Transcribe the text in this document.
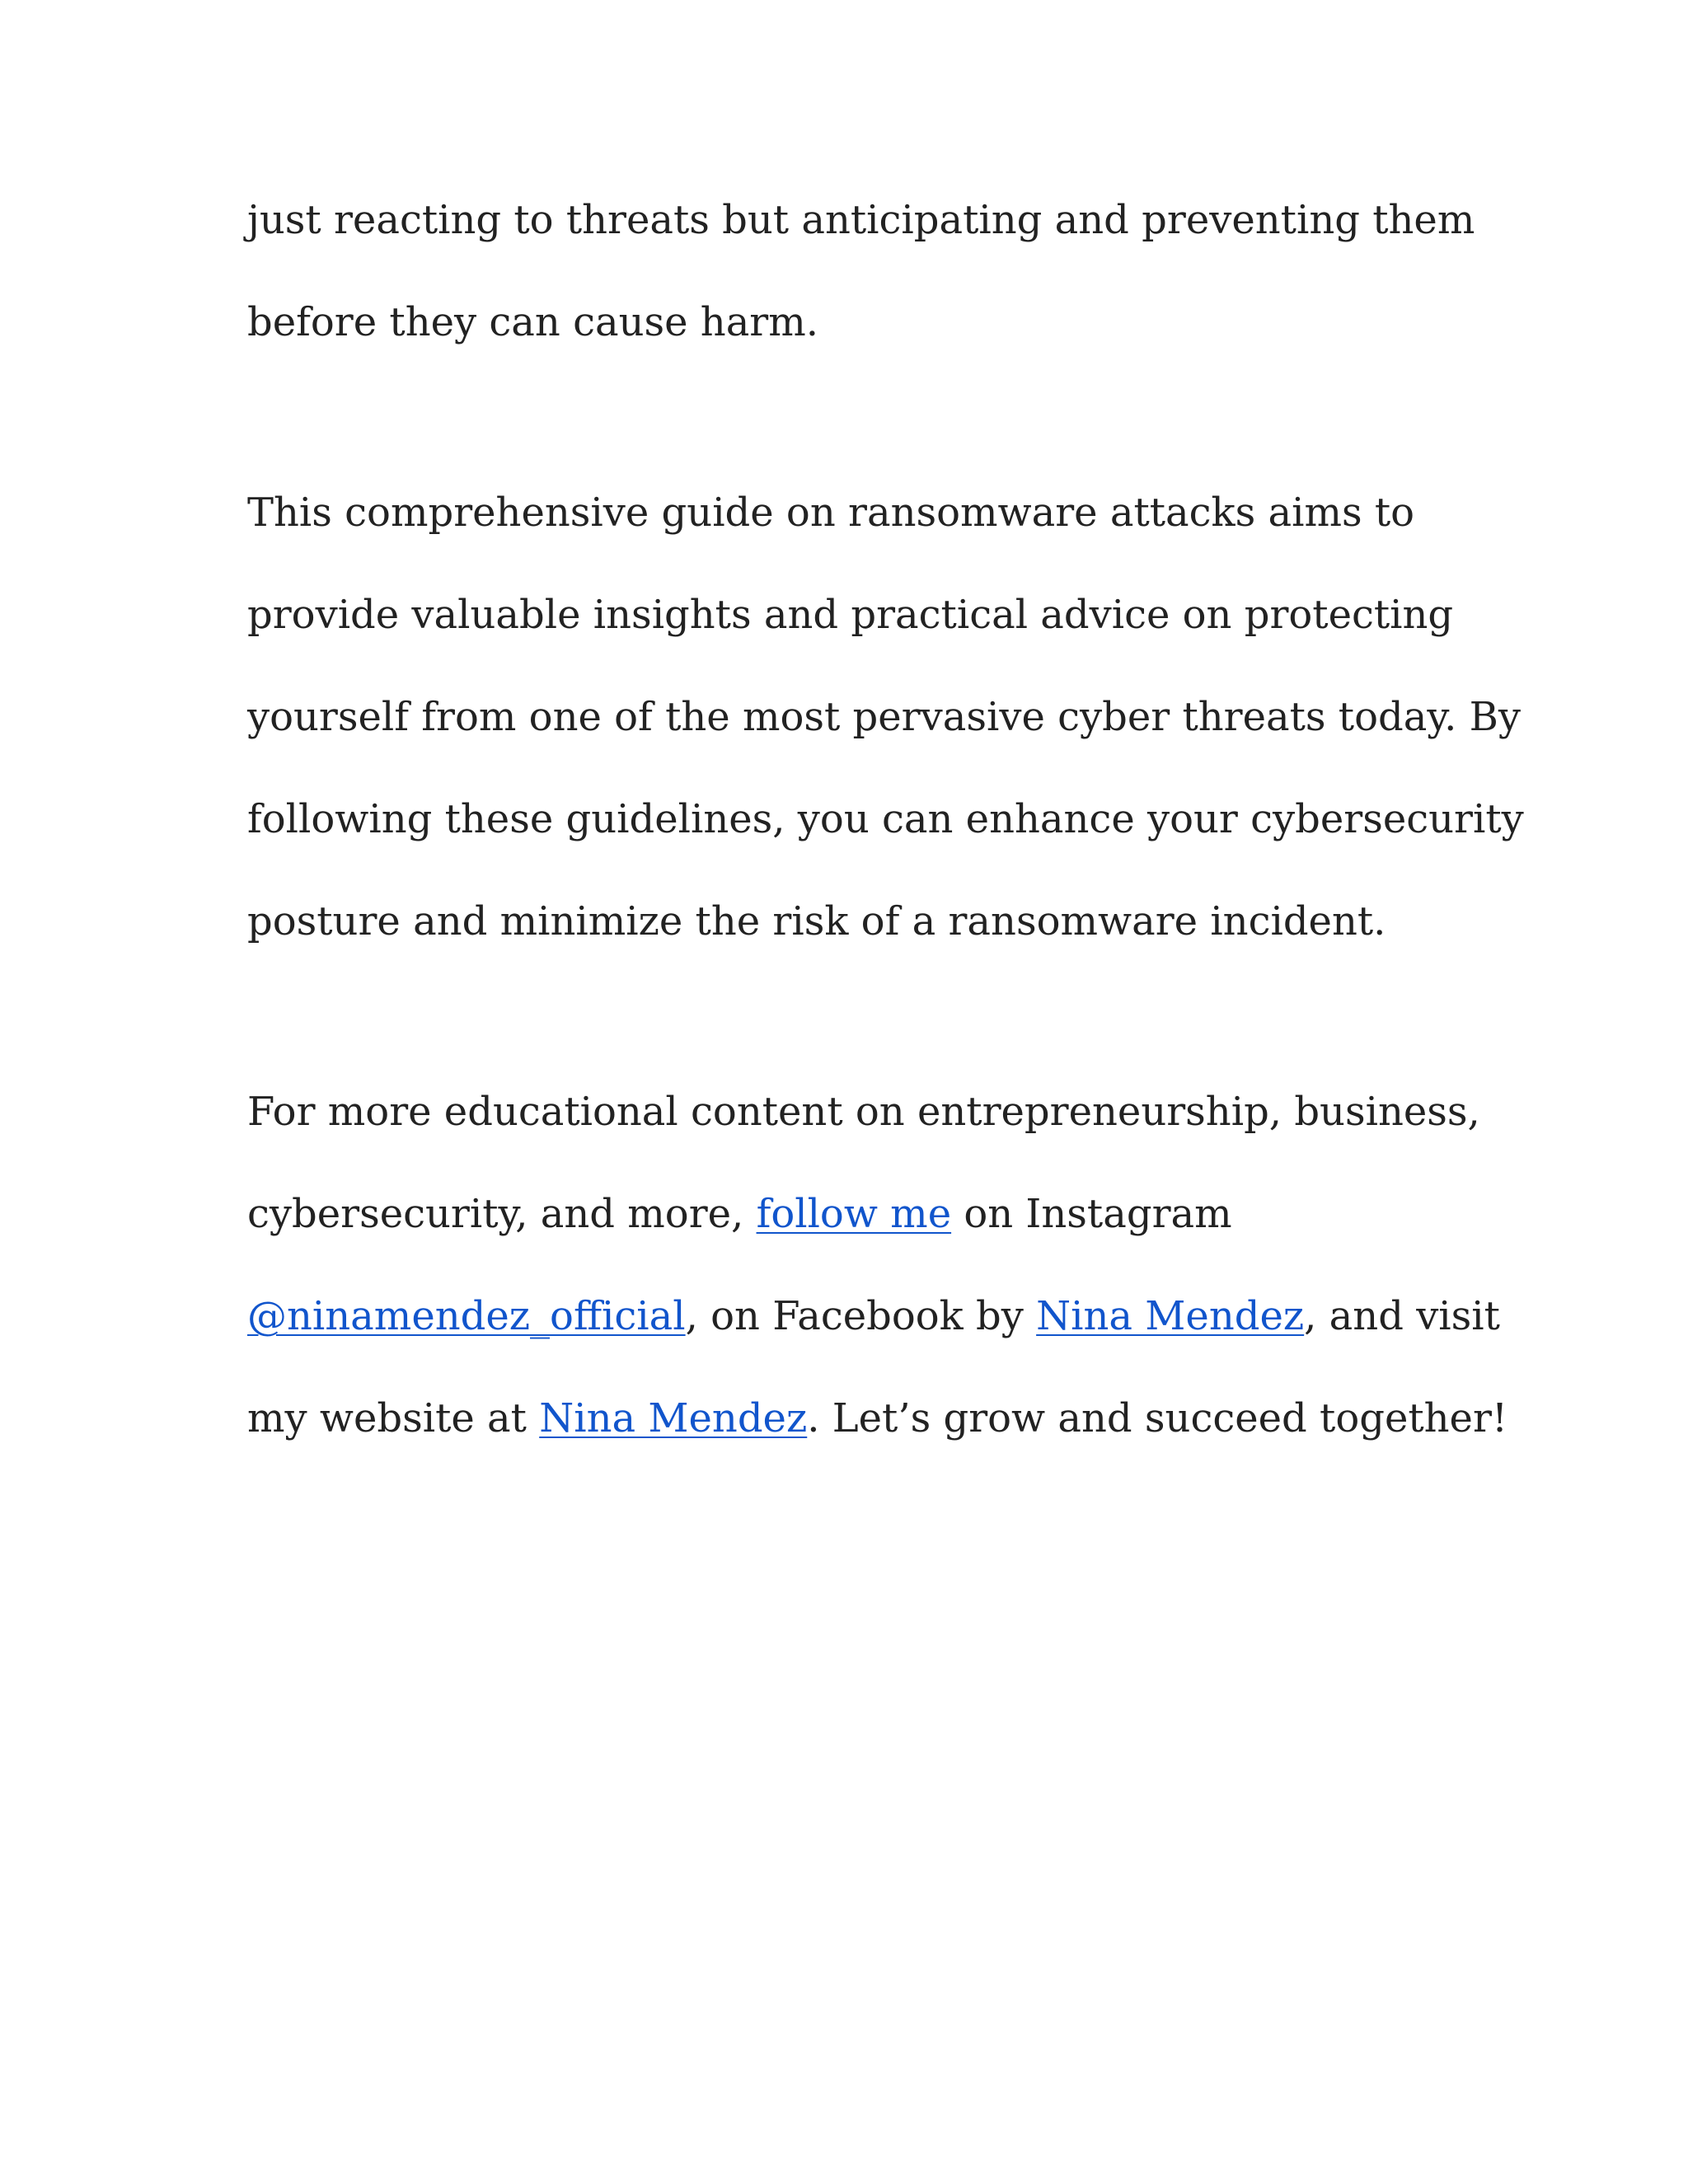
just reacting to threats but anticipating and preventing them
before they can cause harm.
This comprehensive guide on ransomware attacks aims to
provide valuable insights and practical advice on protecting
yourself from one of the most pervasive cyber threats today. By
following these guidelines, you can enhance your cybersecurity
posture and minimize the risk of a ransomware incident.
For more educational content on entrepreneurship, business,
cybersecurity, and more, follow me on Instagram
@ninamendez_official, on Facebook by Nina Mendez, and visit
my website at Nina Mendez. Let’s grow and succeed together!
